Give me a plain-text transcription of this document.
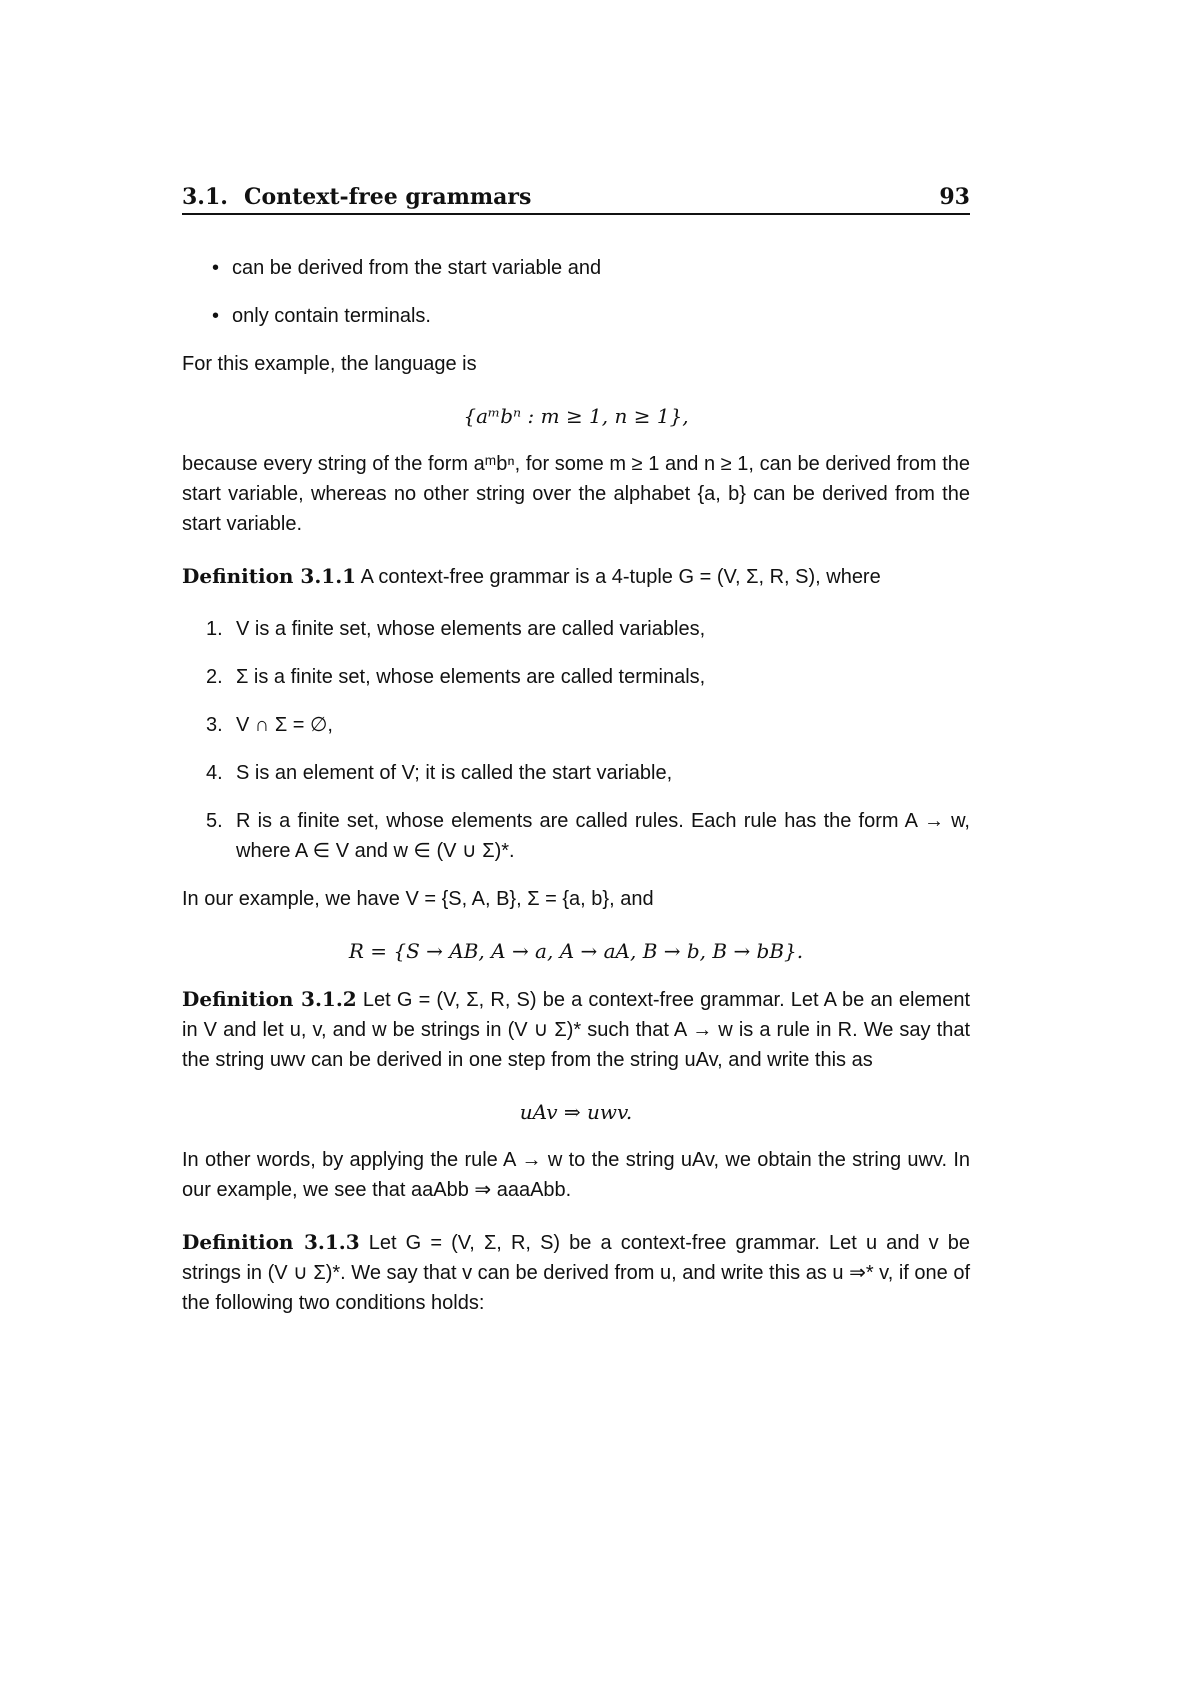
3.1. Context-free grammars	93
• can be derived from the start variable and
• only contain terminals.

For this example, the language is

{aᵐbⁿ : m ≥ 1, n ≥ 1},

because every string of the form aᵐbⁿ, for some m ≥ 1 and n ≥ 1, can be derived from the start variable, whereas no other string over the alphabet {a, b} can be derived from the start variable.

Definition 3.1.1 A context-free grammar is a 4-tuple G = (V, Σ, R, S), where

1. V is a finite set, whose elements are called variables,
2. Σ is a finite set, whose elements are called terminals,
3. V ∩ Σ = ∅,
4. S is an element of V; it is called the start variable,
5. R is a finite set, whose elements are called rules. Each rule has the form A → w, where A ∈ V and w ∈ (V ∪ Σ)*.

In our example, we have V = {S, A, B}, Σ = {a, b}, and

R = {S → AB, A → a, A → aA, B → b, B → bB}.

Definition 3.1.2 Let G = (V, Σ, R, S) be a context-free grammar. Let A be an element in V and let u, v, and w be strings in (V ∪ Σ)* such that A → w is a rule in R. We say that the string uwv can be derived in one step from the string uAv, and write this as

uAv ⇒ uwv.

In other words, by applying the rule A → w to the string uAv, we obtain the string uwv. In our example, we see that aaAbb ⇒ aaaAbb.

Definition 3.1.3 Let G = (V, Σ, R, S) be a context-free grammar. Let u and v be strings in (V ∪ Σ)*. We say that v can be derived from u, and write this as u ⇒* v, if one of the following two conditions holds:
